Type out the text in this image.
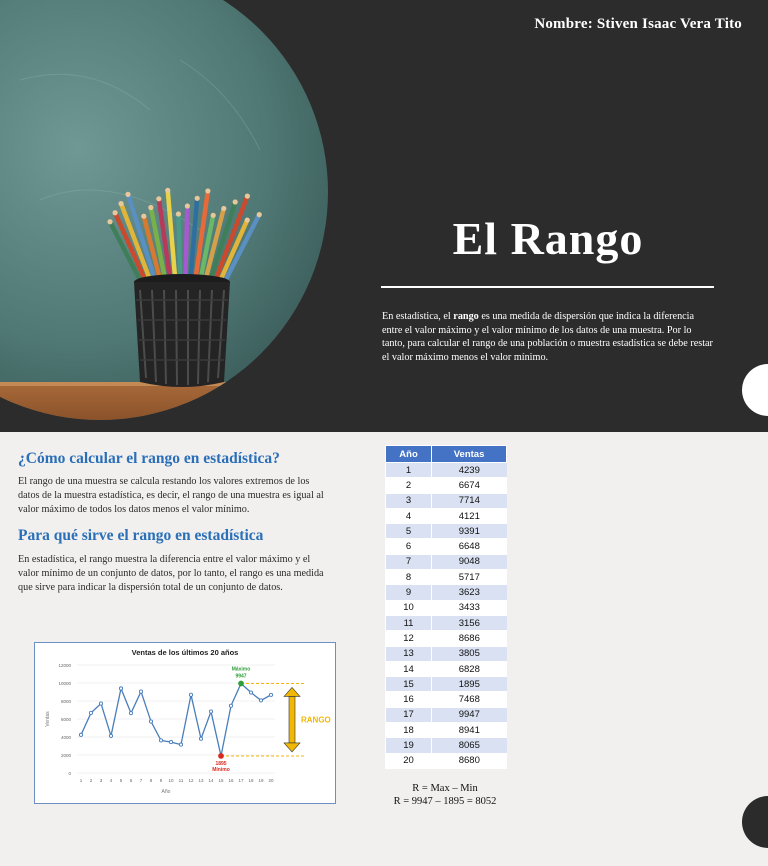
Nombre: Stiven Isaac Vera Tito
El Rango
En estadística, el rango es una medida de dispersión que indica la diferencia entre el valor máximo y el valor mínimo de los datos de una muestra. Por lo tanto, para calcular el rango de una población o muestra estadística se debe restar el valor máximo menos el valor mínimo.
¿Cómo calcular el rango en estadística?
El rango de una muestra se calcula restando los valores extremos de los datos de la muestra estadística, es decir, el rango de una muestra es igual al valor máximo de todos los datos menos el valor mínimo.
Para qué sirve el rango en estadística
En estadística, el rango muestra la diferencia entre el valor máximo y el valor mínimo de un conjunto de datos, por lo tanto, el rango es una medida que sirve para indicar la dispersión total de un conjunto de datos.
Ventas de los últimos 20 años
0
2000
4000
6000
8000
10000
12000
1 2 3 4 5 6 7 8 9 10 11 12 13 14 15 16 17 18 19 20
Año
Ventas
Máximo
9947
1895
Mínimo
RANGO
Año	Ventas
1	4239
2	6674
3	7714
4	4121
5	9391
6	6648
7	9048
8	5717
9	3623
10	3433
11	3156
12	8686
13	3805
14	6828
15	1895
16	7468
17	9947
18	8941
19	8065
20	8680
R = Max – Min
R = 9947 – 1895 = 8052
